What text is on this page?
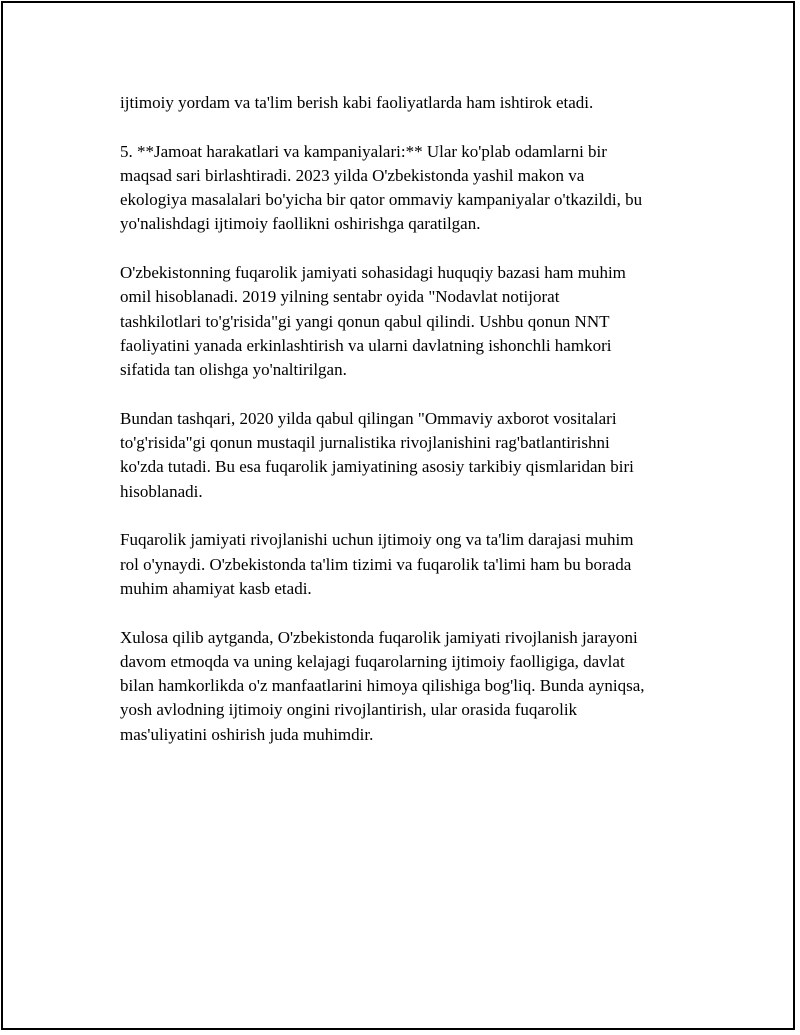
ijtimoiy yordam va ta'lim berish kabi faoliyatlarda ham ishtirok etadi.

5. **Jamoat harakatlari va kampaniyalari:** Ular ko'plab odamlarni bir
maqsad sari birlashtiradi. 2023 yilda O'zbekistonda yashil makon va
ekologiya masalalari bo'yicha bir qator ommaviy kampaniyalar o'tkazildi, bu
yo'nalishdagi ijtimoiy faollikni oshirishga qaratilgan.

O'zbekistonning fuqarolik jamiyati sohasidagi huquqiy bazasi ham muhim
omil hisoblanadi. 2019 yilning sentabr oyida "Nodavlat notijorat
tashkilotlari to'g'risida"gi yangi qonun qabul qilindi. Ushbu qonun NNT
faoliyatini yanada erkinlashtirish va ularni davlatning ishonchli hamkori
sifatida tan olishga yo'naltirilgan.

Bundan tashqari, 2020 yilda qabul qilingan "Ommaviy axborot vositalari
to'g'risida"gi qonun mustaqil jurnalistika rivojlanishini rag'batlantirishni
ko'zda tutadi. Bu esa fuqarolik jamiyatining asosiy tarkibiy qismlaridan biri
hisoblanadi.

Fuqarolik jamiyati rivojlanishi uchun ijtimoiy ong va ta'lim darajasi muhim
rol o'ynaydi. O'zbekistonda ta'lim tizimi va fuqarolik ta'limi ham bu borada
muhim ahamiyat kasb etadi.

Xulosa qilib aytganda, O'zbekistonda fuqarolik jamiyati rivojlanish jarayoni
davom etmoqda va uning kelajagi fuqarolarning ijtimoiy faolligiga, davlat
bilan hamkorlikda o'z manfaatlarini himoya qilishiga bog'liq. Bunda ayniqsa,
yosh avlodning ijtimoiy ongini rivojlantirish, ular orasida fuqarolik
mas'uliyatini oshirish juda muhimdir.
